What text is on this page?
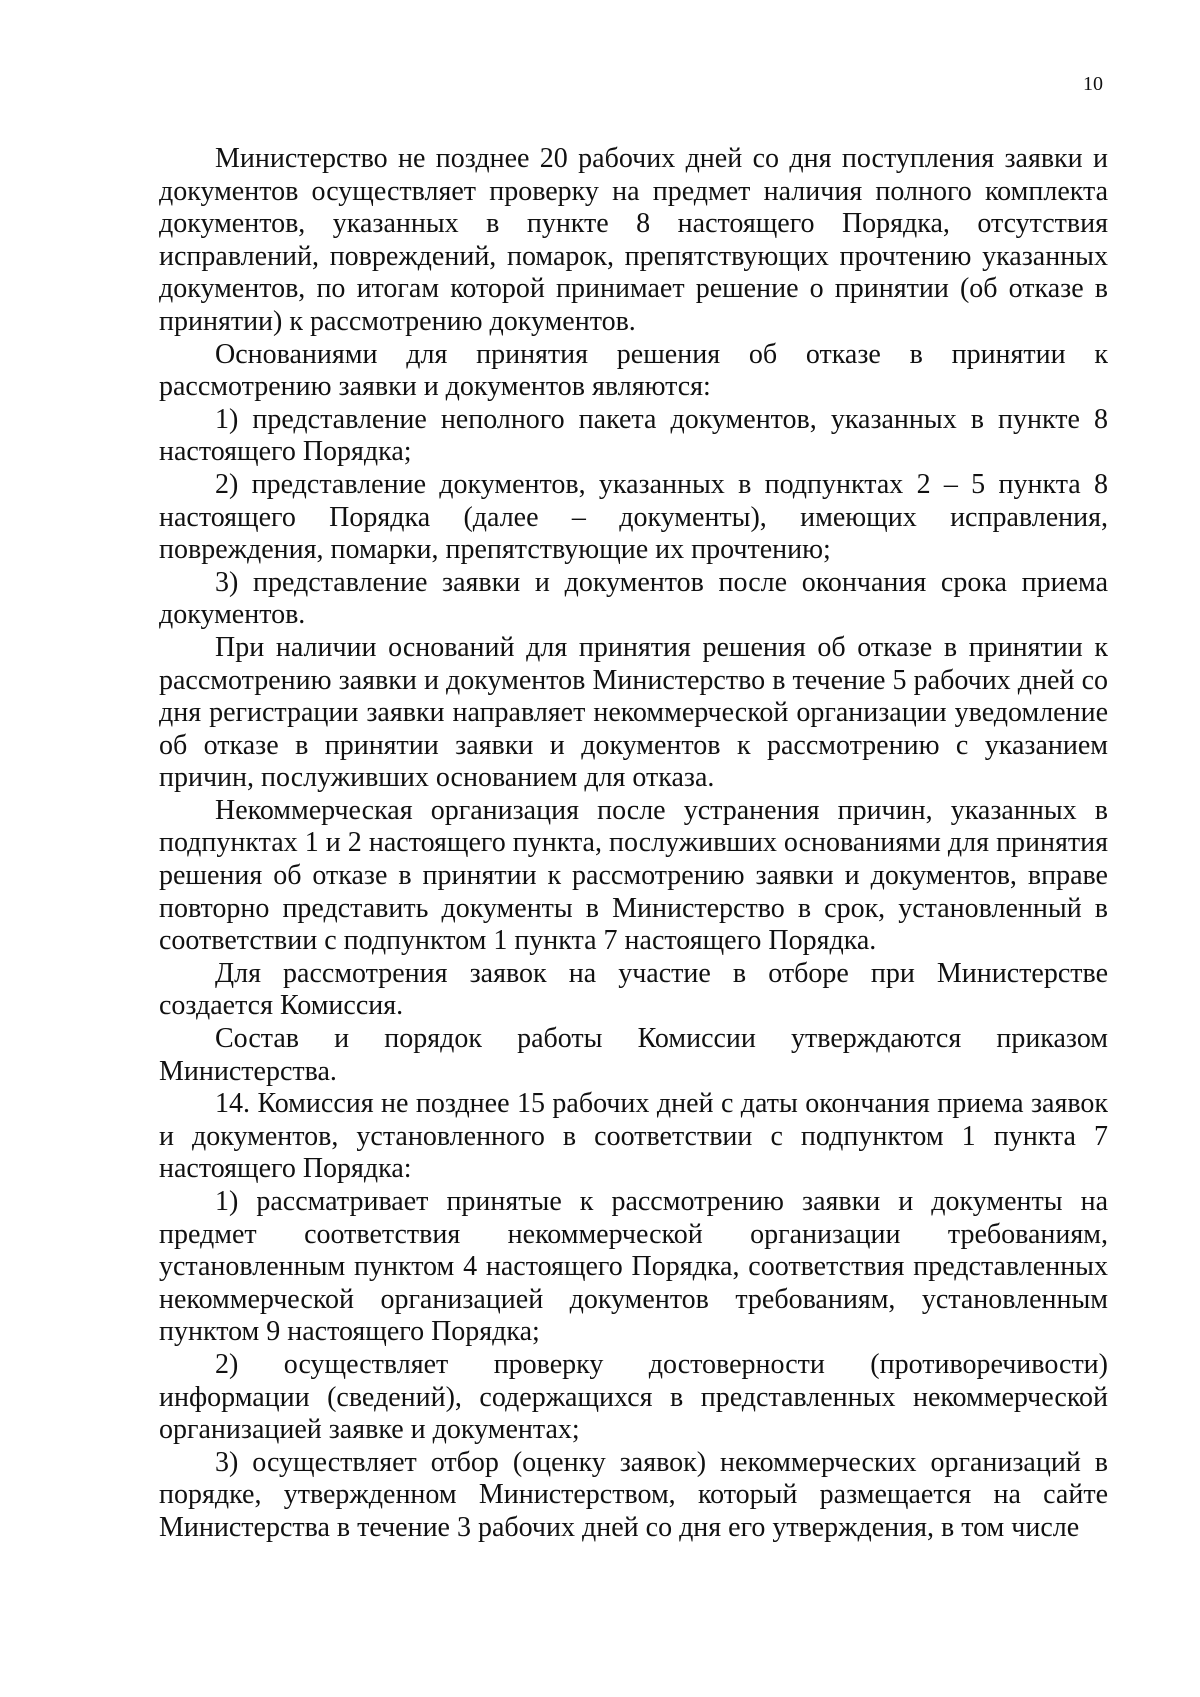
10

Министерство не позднее 20 рабочих дней со дня поступления заявки и документов осуществляет проверку на предмет наличия полного комплекта документов, указанных в пункте 8 настоящего Порядка, отсутствия исправлений, повреждений, помарок, препятствующих прочтению указанных документов, по итогам которой принимает решение о принятии (об отказе в принятии) к рассмотрению документов.

Основаниями для принятия решения об отказе в принятии к рассмотрению заявки и документов являются:

1) представление неполного пакета документов, указанных в пункте 8 настоящего Порядка;

2) представление документов, указанных в подпунктах 2 – 5 пункта 8 настоящего Порядка (далее – документы), имеющих исправления, повреждения, помарки, препятствующие их прочтению;

3) представление заявки и документов после окончания срока приема документов.

При наличии оснований для принятия решения об отказе в принятии к рассмотрению заявки и документов Министерство в течение 5 рабочих дней со дня регистрации заявки направляет некоммерческой организации уведомление об отказе в принятии заявки и документов к рассмотрению с указанием причин, послуживших основанием для отказа.

Некоммерческая организация после устранения причин, указанных в подпунктах 1 и 2 настоящего пункта, послуживших основаниями для принятия решения об отказе в принятии к рассмотрению заявки и документов, вправе повторно представить документы в Министерство в срок, установленный в соответствии с подпунктом 1 пункта 7 настоящего Порядка.

Для рассмотрения заявок на участие в отборе при Министерстве создается Комиссия.

Состав и порядок работы Комиссии утверждаются приказом Министерства.

14. Комиссия не позднее 15 рабочих дней с даты окончания приема заявок и документов, установленного в соответствии с подпунктом 1 пункта 7 настоящего Порядка:

1) рассматривает принятые к рассмотрению заявки и документы на предмет соответствия некоммерческой организации требованиям, установленным пунктом 4 настоящего Порядка, соответствия представленных некоммерческой организацией документов требованиям, установленным пунктом 9 настоящего Порядка;

2) осуществляет проверку достоверности (противоречивости) информации (сведений), содержащихся в представленных некоммерческой организацией заявке и документах;

3) осуществляет отбор (оценку заявок) некоммерческих организаций в порядке, утвержденном Министерством, который размещается на сайте Министерства в течение 3 рабочих дней со дня его утверждения, в том числе
